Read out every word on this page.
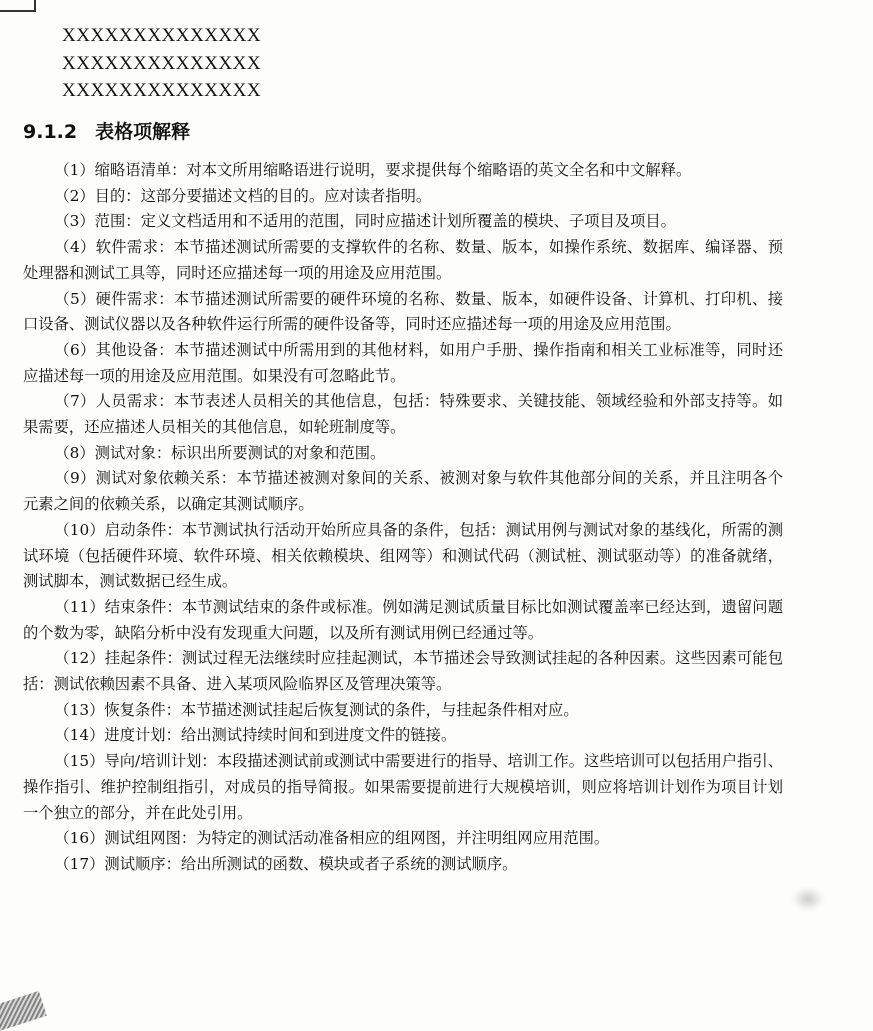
XXXXXXXXXXXXXX
XXXXXXXXXXXXXX
XXXXXXXXXXXXXX
9.1.2 表格项解释

（1）缩略语清单：对本文所用缩略语进行说明，要求提供每个缩略语的英文全名和中文解释。

（2）目的：这部分要描述文档的目的。应对读者指明。

（3）范围：定义文档适用和不适用的范围，同时应描述计划所覆盖的模块、子项目及项目。

（4）软件需求：本节描述测试所需要的支撑软件的名称、数量、版本，如操作系统、数据库、编译器、预处理器和测试工具等，同时还应描述每一项的用途及应用范围。

（5）硬件需求：本节描述测试所需要的硬件环境的名称、数量、版本，如硬件设备、计算机、打印机、接口设备、测试仪器以及各种软件运行所需的硬件设备等，同时还应描述每一项的用途及应用范围。

（6）其他设备：本节描述测试中所需用到的其他材料，如用户手册、操作指南和相关工业标准等，同时还应描述每一项的用途及应用范围。如果没有可忽略此节。

（7）人员需求：本节表述人员相关的其他信息，包括：特殊要求、关键技能、领域经验和外部支持等。如果需要，还应描述人员相关的其他信息，如轮班制度等。

（8）测试对象：标识出所要测试的对象和范围。

（9）测试对象依赖关系：本节描述被测对象间的关系、被测对象与软件其他部分间的关系，并且注明各个元素之间的依赖关系，以确定其测试顺序。

（10）启动条件：本节测试执行活动开始所应具备的条件，包括：测试用例与测试对象的基线化，所需的测试环境（包括硬件环境、软件环境、相关依赖模块、组网等）和测试代码（测试桩、测试驱动等）的准备就绪，测试脚本，测试数据已经生成。

（11）结束条件：本节测试结束的条件或标准。例如满足测试质量目标比如测试覆盖率已经达到，遗留问题的个数为零，缺陷分析中没有发现重大问题，以及所有测试用例已经通过等。

（12）挂起条件：测试过程无法继续时应挂起测试，本节描述会导致测试挂起的各种因素。这些因素可能包括：测试依赖因素不具备、进入某项风险临界区及管理决策等。

（13）恢复条件：本节描述测试挂起后恢复测试的条件，与挂起条件相对应。

（14）进度计划：给出测试持续时间和到进度文件的链接。

（15）导向/培训计划：本段描述测试前或测试中需要进行的指导、培训工作。这些培训可以包括用户指引、操作指引、维护控制组指引，对成员的指导简报。如果需要提前进行大规模培训，则应将培训计划作为项目计划一个独立的部分，并在此处引用。

（16）测试组网图：为特定的测试活动准备相应的组网图，并注明组网应用范围。

（17）测试顺序：给出所测试的函数、模块或者子系统的测试顺序。
